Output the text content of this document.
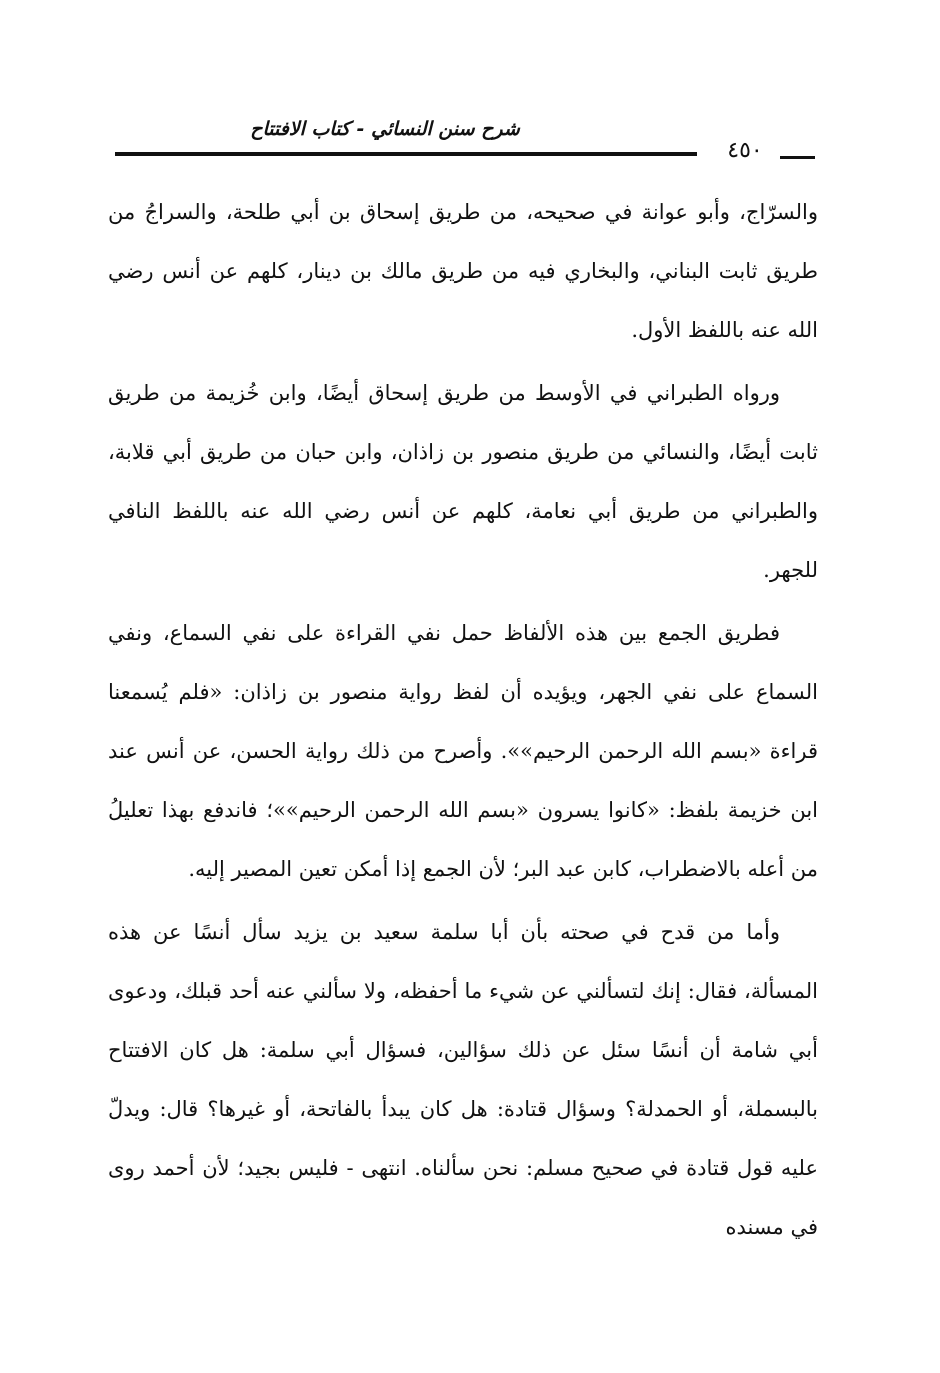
شرح سنن النسائي - كتاب الافتتاح
٤٥٠

والسرّاج، وأبو عوانة في صحيحه، من طريق إسحاق بن أبي طلحة، والسراجُ من طريق ثابت البناني، والبخاري فيه من طريق مالك بن دينار، كلهم عن أنس رضي الله عنه باللفظ الأول.

ورواه الطبراني في الأوسط من طريق إسحاق أيضًا، وابن خُزيمة من طريق ثابت أيضًا، والنسائي من طريق منصور بن زاذان، وابن حبان من طريق أبي قلابة، والطبراني من طريق أبي نعامة، كلهم عن أنس رضي الله عنه باللفظ النافي للجهر.

فطريق الجمع بين هذه الألفاظ حمل نفي القراءة على نفي السماع، ونفي السماع على نفي الجهر، ويؤيده أن لفظ رواية منصور بن زاذان: «فلم يُسمعنا قراءة «بسم الله الرحمن الرحيم»». وأصرح من ذلك رواية الحسن، عن أنس عند ابن خزيمة بلفظ: «كانوا يسرون «بسم الله الرحمن الرحيم»»؛ فاندفع بهذا تعليلُ من أعله بالاضطراب، كابن عبد البر؛ لأن الجمع إذا أمكن تعين المصير إليه.

وأما من قدح في صحته بأن أبا سلمة سعيد بن يزيد سأل أنسًا عن هذه المسألة، فقال: إنك لتسألني عن شيء ما أحفظه، ولا سألني عنه أحد قبلك، ودعوى أبي شامة أن أنسًا سئل عن ذلك سؤالين، فسؤال أبي سلمة: هل كان الافتتاح بالبسملة، أو الحمدلة؟ وسؤال قتادة: هل كان يبدأ بالفاتحة، أو غيرها؟ قال: ويدلّ عليه قول قتادة في صحيح مسلم: نحن سألناه. انتهى - فليس بجيد؛ لأن أحمد روى في مسنده
